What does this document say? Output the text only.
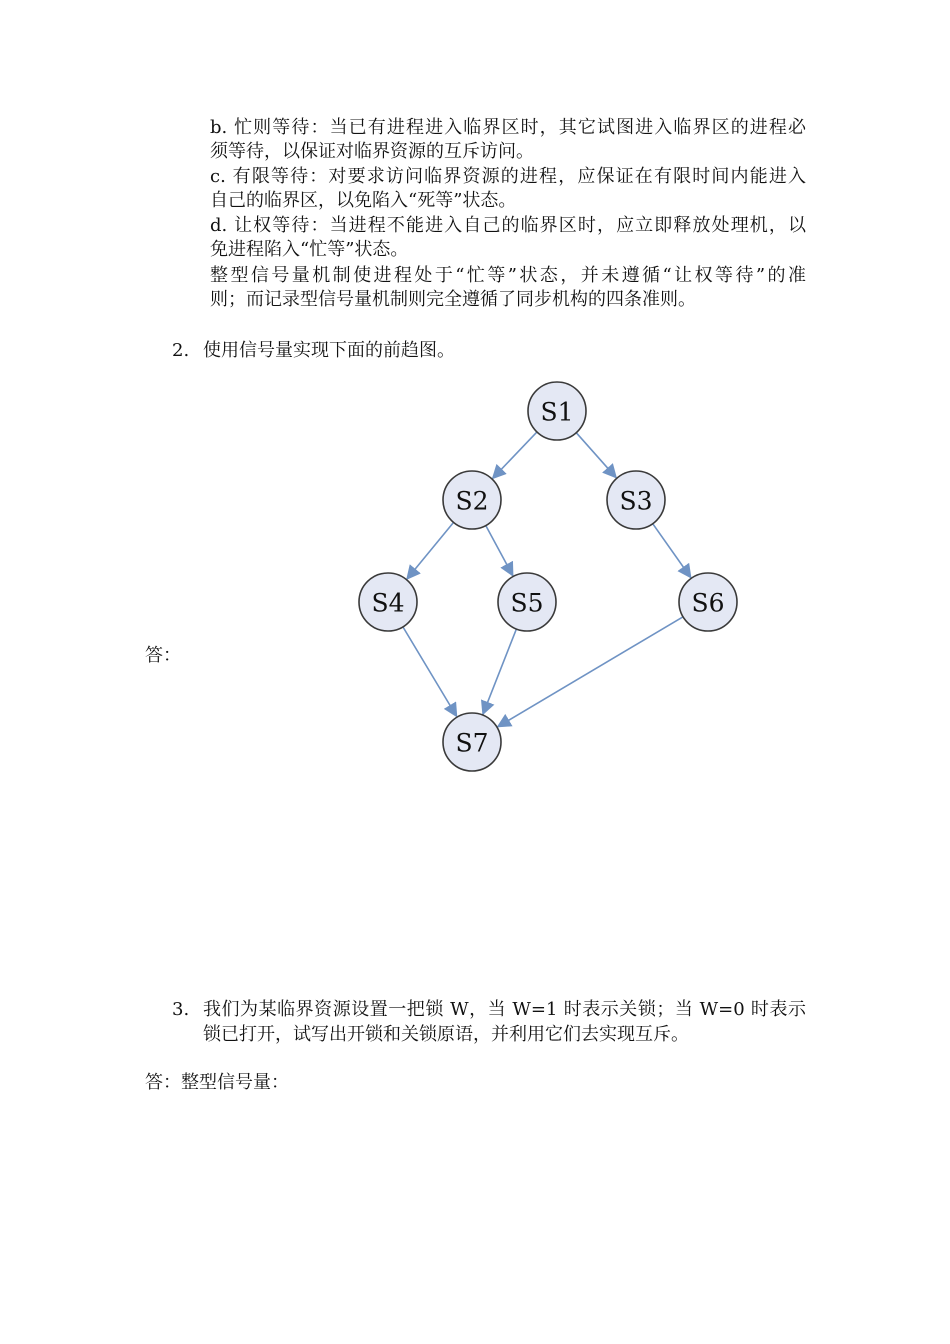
b. 忙则等待：当已有进程进入临界区时，其它试图进入临界区的进程必
须等待，以保证对临界资源的互斥访问。
c. 有限等待：对要求访问临界资源的进程，应保证在有限时间内能进入
自己的临界区，以免陷入“死等”状态。
d. 让权等待：当进程不能进入自己的临界区时，应立即释放处理机，以
免进程陷入“忙等”状态。
整型信号量机制使进程处于“忙等”状态，并未遵循“让权等待”的准
则；而记录型信号量机制则完全遵循了同步机构的四条准则。
2. 使用信号量实现下面的前趋图。
答：
S1
S2	S3
S4	S5	S6
S7
3. 我们为某临界资源设置一把锁 W，当 W=1 时表示关锁；当 W=0 时表示
锁已打开，试写出开锁和关锁原语，并利用它们去实现互斥。
答：整型信号量：
